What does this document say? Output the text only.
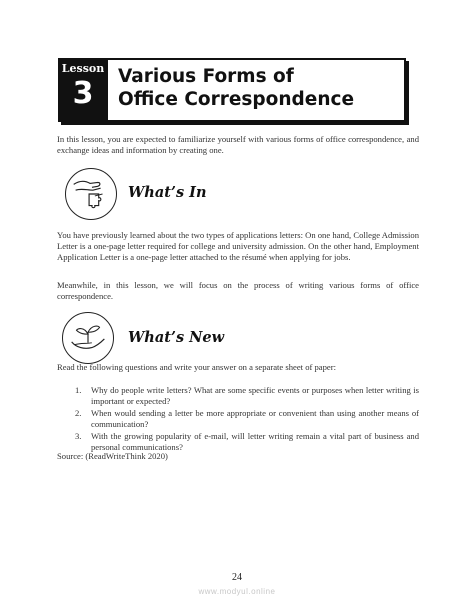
Lesson
3	Various Forms of
Office Correspondence
In this lesson, you are expected to familiarize yourself with various forms of office correspondence, and exchange ideas and information by creating one.
What’s In
You have previously learned about the two types of applications letters: On one hand, College Admission Letter is a one-page letter required for college and university admission. On the other hand, Employment Application Letter is a one-page letter attached to the résumé when applying for jobs.
Meanwhile, in this lesson, we will focus on the process of writing various forms of office correspondence.
What’s New
Read the following questions and write your answer on a separate sheet of paper:
1. Why do people write letters? What are some specific events or purposes when letter writing is important or expected?
2. When would sending a letter be more appropriate or convenient than using another means of communication?
3. With the growing popularity of e-mail, will letter writing remain a vital part of business and personal communications?
Source: (ReadWriteThink 2020)
24
www.modyul.online
